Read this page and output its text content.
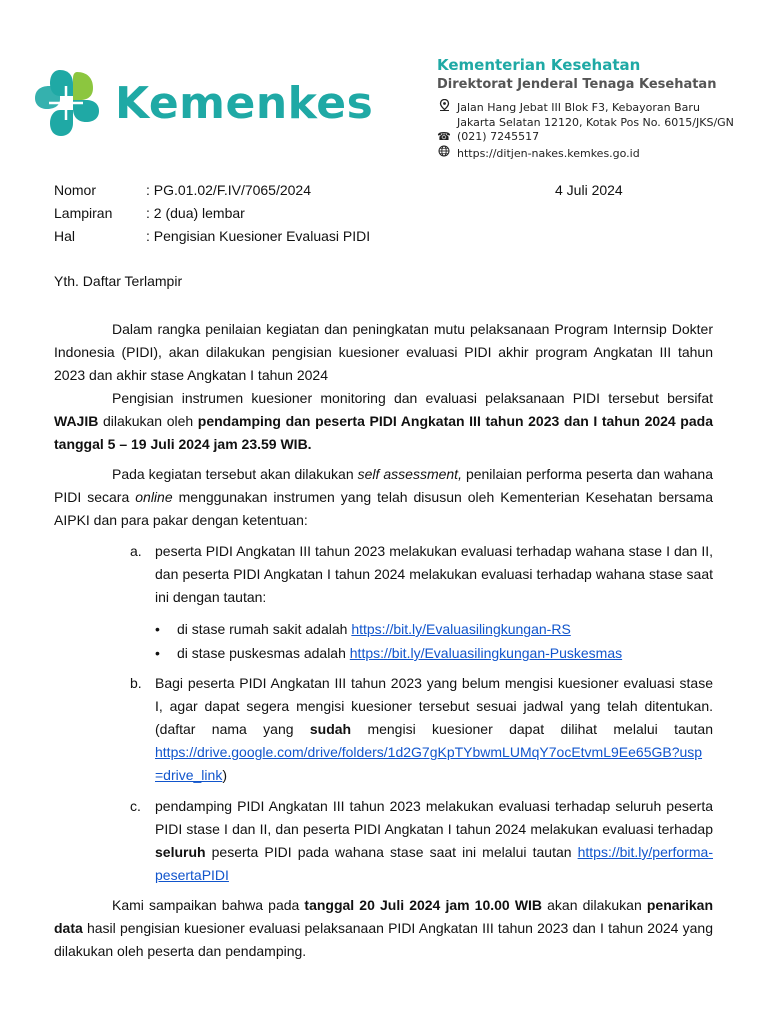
Kemenkes
Kementerian Kesehatan
Direktorat Jenderal Tenaga Kesehatan
Jalan Hang Jebat III Blok F3, Kebayoran Baru
Jakarta Selatan 12120, Kotak Pos No. 6015/JKS/GN
☎ (021) 7245517
https://ditjen-nakes.kemkes.go.id
Nomor	: PG.01.02/F.IV/7065/2024
Lampiran : 2 (dua) lembar
Hal	: Pengisian Kuesioner Evaluasi PIDI
4 Juli 2024
Yth. Daftar Terlampir

Dalam rangka penilaian kegiatan dan peningkatan mutu pelaksanaan Program Internsip Dokter Indonesia (PIDI), akan dilakukan pengisian kuesioner evaluasi PIDI akhir program Angkatan III tahun 2023 dan akhir stase Angkatan I tahun 2024

Pengisian instrumen kuesioner monitoring dan evaluasi pelaksanaan PIDI tersebut bersifat WAJIB dilakukan oleh pendamping dan peserta PIDI Angkatan III tahun 2023 dan I tahun 2024 pada tanggal 5 – 19 Juli 2024 jam 23.59 WIB.

Pada kegiatan tersebut akan dilakukan self assessment, penilaian performa peserta dan wahana PIDI secara online menggunakan instrumen yang telah disusun oleh Kementerian Kesehatan bersama AIPKI dan para pakar dengan ketentuan:

a. peserta PIDI Angkatan III tahun 2023 melakukan evaluasi terhadap wahana stase I dan II, dan peserta PIDI Angkatan I tahun 2024 melakukan evaluasi terhadap wahana stase saat ini dengan tautan:
• di stase rumah sakit adalah https://bit.ly/Evaluasilingkungan-RS
• di stase puskesmas adalah https://bit.ly/Evaluasilingkungan-Puskesmas
b. Bagi peserta PIDI Angkatan III tahun 2023 yang belum mengisi kuesioner evaluasi stase I, agar dapat segera mengisi kuesioner tersebut sesuai jadwal yang telah ditentukan. (daftar nama yang sudah mengisi kuesioner dapat dilihat melalui tautan https://drive.google.com/drive/folders/1d2G7gKpTYbwmLUMqY7ocEtvmL9Ee65GB?usp
=drive_link)
c. pendamping PIDI Angkatan III tahun 2023 melakukan evaluasi terhadap seluruh peserta PIDI stase I dan II, dan peserta PIDI Angkatan I tahun 2024 melakukan evaluasi terhadap seluruh peserta PIDI pada wahana stase saat ini melalui tautan https://bit.ly/performa-pesertaPIDI

Kami sampaikan bahwa pada tanggal 20 Juli 2024 jam 10.00 WIB akan dilakukan penarikan data hasil pengisian kuesioner evaluasi pelaksanaan PIDI Angkatan III tahun 2023 dan I tahun 2024 yang dilakukan oleh peserta dan pendamping.
